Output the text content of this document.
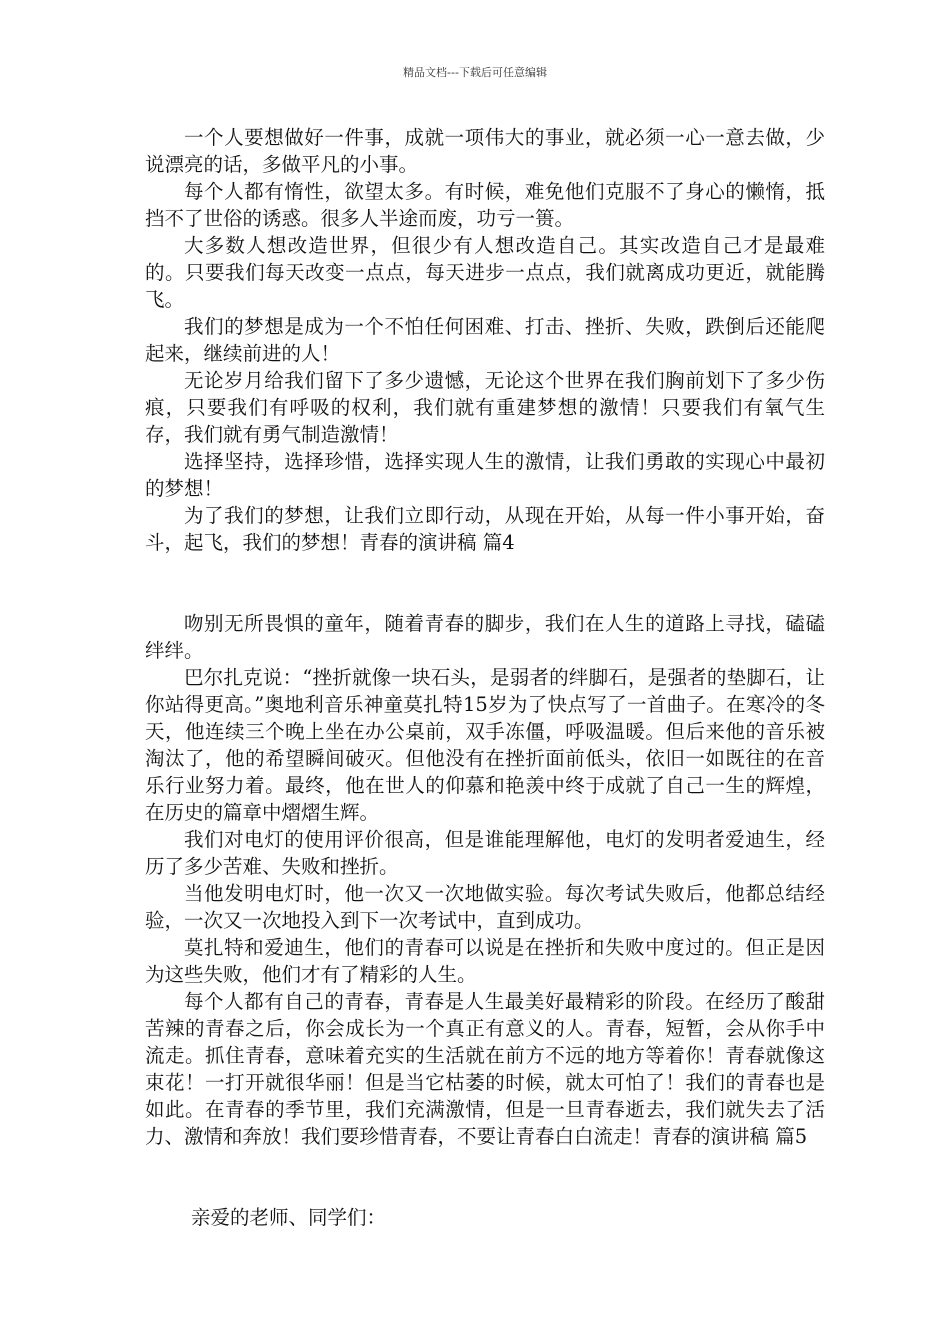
精品文档---下载后可任意编辑

一个人要想做好一件事，成就一项伟大的事业，就必须一心一意去做，少说漂亮的话，多做平凡的小事。

每个人都有惰性，欲望太多。有时候，难免他们克服不了身心的懒惰，抵挡不了世俗的诱惑。很多人半途而废，功亏一篑。

大多数人想改造世界，但很少有人想改造自己。其实改造自己才是最难的。只要我们每天改变一点点，每天进步一点点，我们就离成功更近，就能腾飞。

我们的梦想是成为一个不怕任何困难、打击、挫折、失败，跌倒后还能爬起来，继续前进的人！

无论岁月给我们留下了多少遗憾，无论这个世界在我们胸前划下了多少伤痕，只要我们有呼吸的权利，我们就有重建梦想的激情！只要我们有氧气生存，我们就有勇气制造激情！

选择坚持，选择珍惜，选择实现人生的激情，让我们勇敢的实现心中最初的梦想！

为了我们的梦想，让我们立即行动，从现在开始，从每一件小事开始，奋斗，起飞，我们的梦想！青春的演讲稿 篇4

吻别无所畏惧的童年，随着青春的脚步，我们在人生的道路上寻找，磕磕绊绊。

巴尔扎克说：“挫折就像一块石头，是弱者的绊脚石，是强者的垫脚石，让你站得更高。”奥地利音乐神童莫扎特15岁为了快点写了一首曲子。在寒冷的冬天，他连续三个晚上坐在办公桌前，双手冻僵，呼吸温暖。但后来他的音乐被淘汰了，他的希望瞬间破灭。但他没有在挫折面前低头，依旧一如既往的在音乐行业努力着。最终，他在世人的仰慕和艳羡中终于成就了自己一生的辉煌，在历史的篇章中熠熠生辉。

我们对电灯的使用评价很高，但是谁能理解他，电灯的发明者爱迪生，经历了多少苦难、失败和挫折。

当他发明电灯时，他一次又一次地做实验。每次考试失败后，他都总结经验，一次又一次地投入到下一次考试中，直到成功。

莫扎特和爱迪生，他们的青春可以说是在挫折和失败中度过的。但正是因为这些失败，他们才有了精彩的人生。

每个人都有自己的青春，青春是人生最美好最精彩的阶段。在经历了酸甜苦辣的青春之后，你会成长为一个真正有意义的人。青春，短暂，会从你手中流走。抓住青春，意味着充实的生活就在前方不远的地方等着你！青春就像这束花！一打开就很华丽！但是当它枯萎的时候，就太可怕了！我们的青春也是如此。在青春的季节里，我们充满激情，但是一旦青春逝去，我们就失去了活力、激情和奔放！我们要珍惜青春，不要让青春白白流走！青春的演讲稿 篇5

亲爱的老师、同学们：
